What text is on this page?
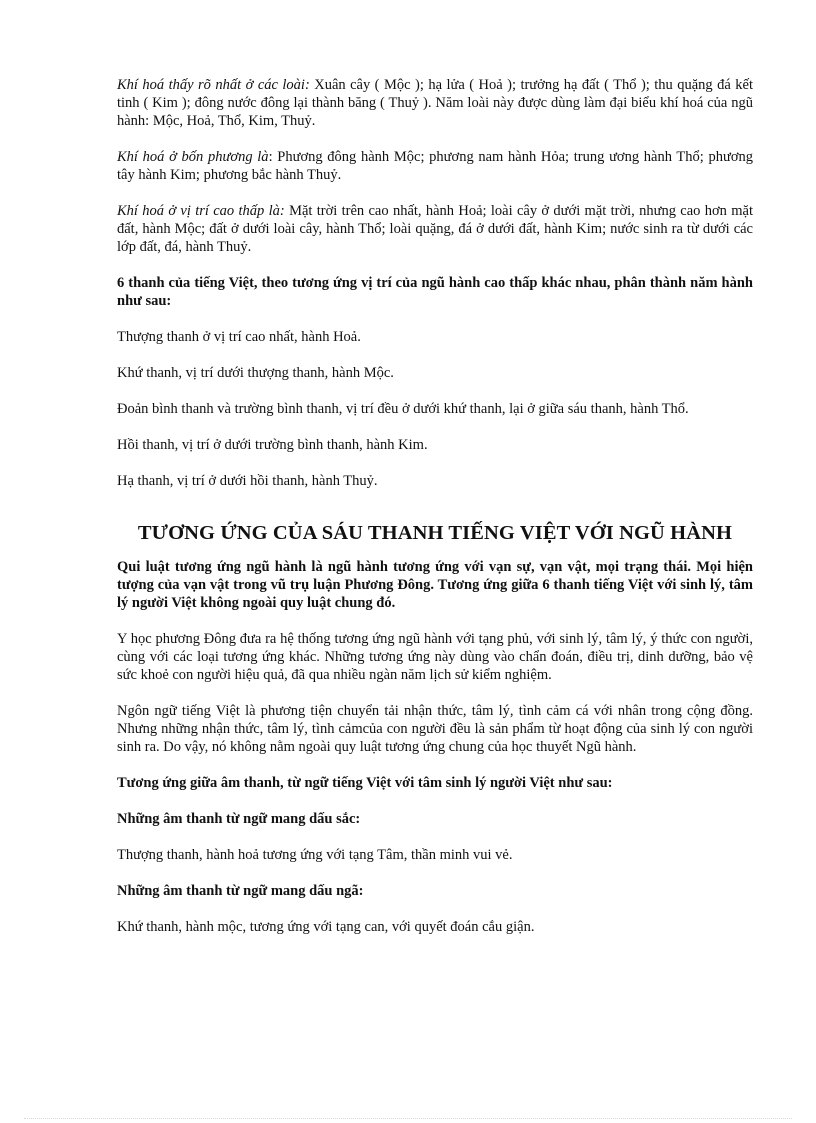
Khí hoá thấy rõ nhất ở các loài: Xuân cây ( Mộc ); hạ lửa ( Hoả ); trưởng hạ đất ( Thổ ); thu quặng đá kết tinh ( Kim ); đông nước đông lại thành băng ( Thuỷ ). Năm loài này được dùng làm đại biểu khí hoá của ngũ hành: Mộc, Hoả, Thổ, Kim, Thuỷ.

Khí hoá ở bốn phương là: Phương đông hành Mộc; phương nam hành Hỏa; trung ương hành Thổ; phương tây hành Kim; phương bắc hành Thuỷ.

Khí hoá ở vị trí cao thấp là: Mặt trời trên cao nhất, hành Hoả; loài cây ở dưới mặt trời, nhưng cao hơn mặt đất, hành Mộc; đất ở dưới loài cây, hành Thổ; loài quặng, đá ở dưới đất, hành Kim; nước sinh ra từ dưới các lớp đất, đá, hành Thuỷ.

6 thanh của tiếng Việt, theo tương ứng vị trí của ngũ hành cao thấp khác nhau, phân thành năm hành như sau:

Thượng thanh ở vị trí cao nhất, hành Hoả.

Khứ thanh, vị trí dưới thượng thanh, hành Mộc.

Đoản bình thanh và trường bình thanh, vị trí đều ở dưới khứ thanh, lại ở giữa sáu thanh, hành Thổ.

Hồi thanh, vị trí ở dưới trường bình thanh, hành Kim.

Hạ thanh, vị trí ở dưới hồi thanh, hành Thuỷ.

TƯƠNG ỨNG CỦA SÁU THANH TIẾNG VIỆT VỚI NGŨ HÀNH

Qui luật tương ứng ngũ hành là ngũ hành tương ứng với vạn sự, vạn vật, mọi trạng thái. Mọi hiện tượng của vạn vật trong vũ trụ luận Phương Đông. Tương ứng giữa 6 thanh tiếng Việt với sinh lý, tâm lý người Việt không ngoài quy luật chung đó.

Y học phương Đông đưa ra hệ thống tương ứng ngũ hành với tạng phủ, với sinh lý, tâm lý, ý thức con người, cùng với các loại tương ứng khác. Những tương ứng này dùng vào chẩn đoán, điều trị, dinh dưỡng, bảo vệ sức khoẻ con người hiệu quả, đã qua nhiều ngàn năm lịch sử kiểm nghiệm.

Ngôn ngữ tiếng Việt là phương tiện chuyển tải nhận thức, tâm lý, tình cảm cá với nhân trong cộng đồng. Nhưng những nhận thức, tâm lý, tình cảmcủa con người đều là sản phẩm từ hoạt động của sinh lý con người sinh ra. Do vậy, nó không nằm ngoài quy luật tương ứng chung của học thuyết Ngũ hành.

Tương ứng giữa âm thanh, từ ngữ tiếng Việt với tâm sinh lý người Việt như sau:

Những âm thanh từ ngữ mang dấu sắc:

Thượng thanh, hành hoả tương ứng với tạng Tâm, thần minh vui vẻ.

Những âm thanh từ ngữ mang dấu ngã:

Khứ thanh, hành mộc, tương ứng với tạng can, với quyết đoán cắu giận.
